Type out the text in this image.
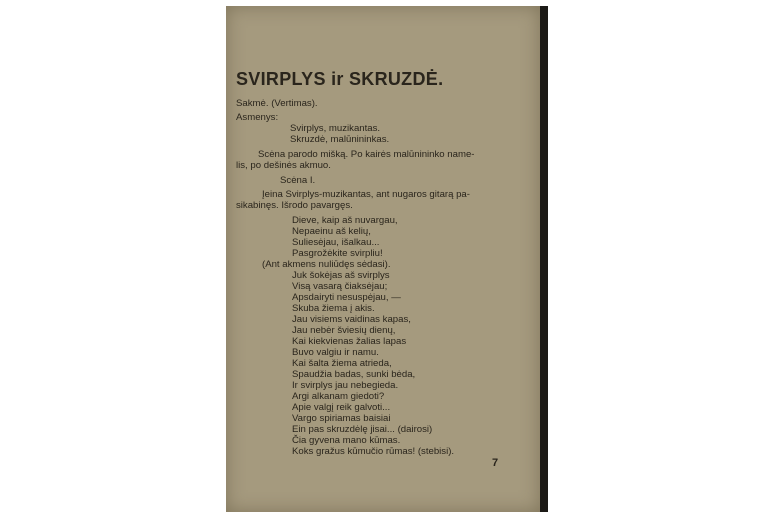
SVIRPLYS ir SKRUZDĖ.
Sakmė. (Vertimas).
Asmenys:
Svirplys, muzikantas.
Skruzdė, malūnininkas.
Scėna parodo mišką. Po kairės malūnininko name-
lis, po dešinės akmuo.
Scėna I.
Įeina Svirplys-muzikantas, ant nugaros gitarą pa-
sikabinęs. Išrodo pavargęs.
Dieve, kaip aš nuvargau,
Nepaeinu aš kelių,
Suliesėjau, išalkau...
Pasgrožėkite svirpliu!
(Ant akmens nuliūdęs sėdasi).
Juk šokėjas aš svirplys
Visą vasarą čiaksėjau;
Apsdairyti nesuspėjau, —
Skuba žiema į akis.
Jau visiems vaidinas kapas,
Jau nebėr šviesių dienų,
Kai kiekvienas žalias lapas
Buvo valgiu ir namu.
Kai šalta žiema atrieda,
Spaudžia badas, sunki bėda,
Ir svirplys jau nebegieda.
Argi alkanam giedoti?
Apie valgį reik galvoti...
Vargo spiriamas baisiai
Ein pas skruzdėlę jisai... (dairosi)
Čia gyvena mano kūmas.
Koks gražus kūmučio rūmas! (stebisi).
7
